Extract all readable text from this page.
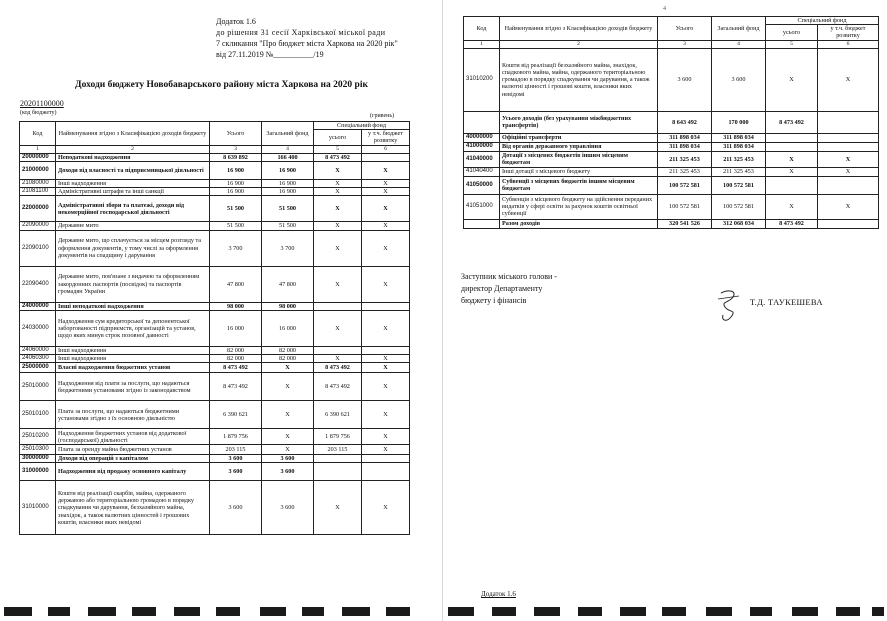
Додаток 1.6
до рішення 31 сесії Харківської міської ради
7 скликання "Про бюджет міста Харкова на 2020 рік"
від 27.11.2019 №__________/19
Доходи бюджету Новобаварського району міста Харкова на 2020 рік
20201100000
(код бюджету)	(гривень)
Код	Найменування згідно з Класифікацією доходів бюджету	Усього	Загальний фонд	Спеціальний фонд	
				усього	у т.ч. бюджет розвитку
1	2	3	4	5	6
20000000	Неподаткові надходження	8 639 892	166 400	8 473 492	
21000000	Доходи від власності та підприємницької діяльності	16 900	16 900	X	X
21080000	Інші надходження	16 900	16 900	X	X
21081100	Адміністративні штрафи та інші санкції	16 900	16 900	X	X
22000000	Адміністративні збори та платежі, доходи від некомерційної господарської діяльності	51 500	51 500	X	X
22090000	Державне мито	51 500	51 500	X	X
22090100	Державне мито, що сплачується за місцем розгляду та оформлення документів, у тому числі за оформлення документів на спадщину і дарування	3 700	3 700	X	X
22090400	Державне мито, пов'язане з видачею та оформленням закордонних паспортів (посвідок) та паспортів громадян України	47 800	47 800	X	X
24000000	Інші неподаткові надходження	98 000	98 000		
24030000	Надходження сум кредиторської та депонентської заборгованості підприємств, організацій та установ, щодо яких минув строк позовної давності	16 000	16 000	X	X
24060000	Інші надходження	82 000	82 000		
24060300	Інші надходження	82 000	82 000	X	X
25000000	Власні надходження бюджетних установ	8 473 492	X	8 473 492	X
25010000	Надходження від плати за послуги, що надаються бюджетними установами згідно із законодавством	8 473 492	X	8 473 492	X
25010100	Плата за послуги, що надаються бюджетними установами згідно з їх основною діяльністю	6 390 621	X	6 390 621	X
25010200	Надходження бюджетних установ від додаткової (господарської) діяльності	1 879 756	X	1 879 756	X
25010300	Плата за оренду майна бюджетних установ	203 115	X	203 115	X
30000000	Доходи від операцій з капіталом	3 600	3 600		
31000000	Надходження від продажу основного капіталу	3 600	3 600		
31010000	Кошти від реалізації скарбів, майна, одержаного державою або територіальною громадою в порядку спадкування чи дарування, безхазяйного майна, знахідок, а також валютних цінностей і грошових коштів, власники яких невідомі	3 600	3 600	X	X
4
Код	Найменування згідно з Класифікацією доходів бюджету	Усього	Загальний фонд	Спеціальний фонд	
				усього	у т.ч. бюджет розвитку
1	2	3	4	5	6
31010200	Кошти від реалізації безхазяйного майна, знахідок, спадкового майна, майна, одержаного територіальною громадою в порядку спадкування чи дарування, а також валютні цінності і грошові кошти, власники яких невідомі	3 600	3 600	X	X
	Усього доходів (без урахування міжбюджетних трансфертів)	8 643 492	170 000	8 473 492	
40000000	Офіційні трансферти	311 898 034	311 898 034		
41000000	Від органів державного управління	311 898 034	311 898 034		
41040000	Дотації з місцевих бюджетів іншим місцевим бюджетам	211 325 453	211 325 453	X	X
41040400	Інші дотації з місцевого бюджету	211 325 453	211 325 453	X	X
41050000	Субвенції з місцевих бюджетів іншим місцевим бюджетам	100 572 581	100 572 581		
41051000	Субвенція з місцевого бюджету на здійснення переданих видатків у сфері освіти за рахунок коштів освітньої субвенції	100 572 581	100 572 581	X	X
	Разом доходів	320 541 526	312 068 034	8 473 492	
Заступник міського голови -
директор Департаменту
бюджету і фінансів	Т.Д. ТАУКЕШЕВА
Додаток 1.6
